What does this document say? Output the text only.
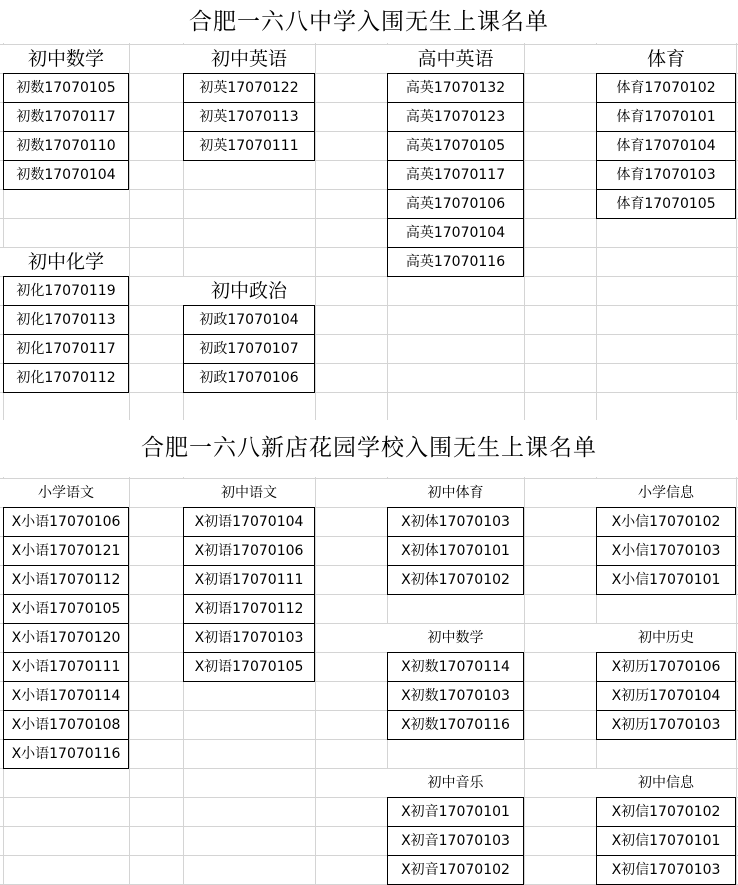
合肥一六八中学入围无生上课名单
初中数学
初数17070105
初数17070117
初数17070110
初数17070104
初中英语
初英17070122
初英17070113
初英17070111
高中英语
高英17070132
高英17070123
高英17070105
高英17070117
高英17070106
高英17070104
高英17070116
体育
体育17070102
体育17070101
体育17070104
体育17070103
体育17070105
初中化学
初化17070119
初化17070113
初化17070117
初化17070112
初中政治
初政17070104
初政17070107
初政17070106
合肥一六八新店花园学校入围无生上课名单
小学语文
X小语17070106
X小语17070121
X小语17070112
X小语17070105
X小语17070120
X小语17070111
X小语17070114
X小语17070108
X小语17070116
初中语文
X初语17070104
X初语17070106
X初语17070111
X初语17070112
X初语17070103
X初语17070105
初中体育
X初体17070103
X初体17070101
X初体17070102
小学信息
X小信17070102
X小信17070103
X小信17070101
初中数学
X初数17070114
X初数17070103
X初数17070116
初中历史
X初历17070106
X初历17070104
X初历17070103
初中音乐
X初音17070101
X初音17070103
X初音17070102
初中信息
X初信17070102
X初信17070101
X初信17070103
